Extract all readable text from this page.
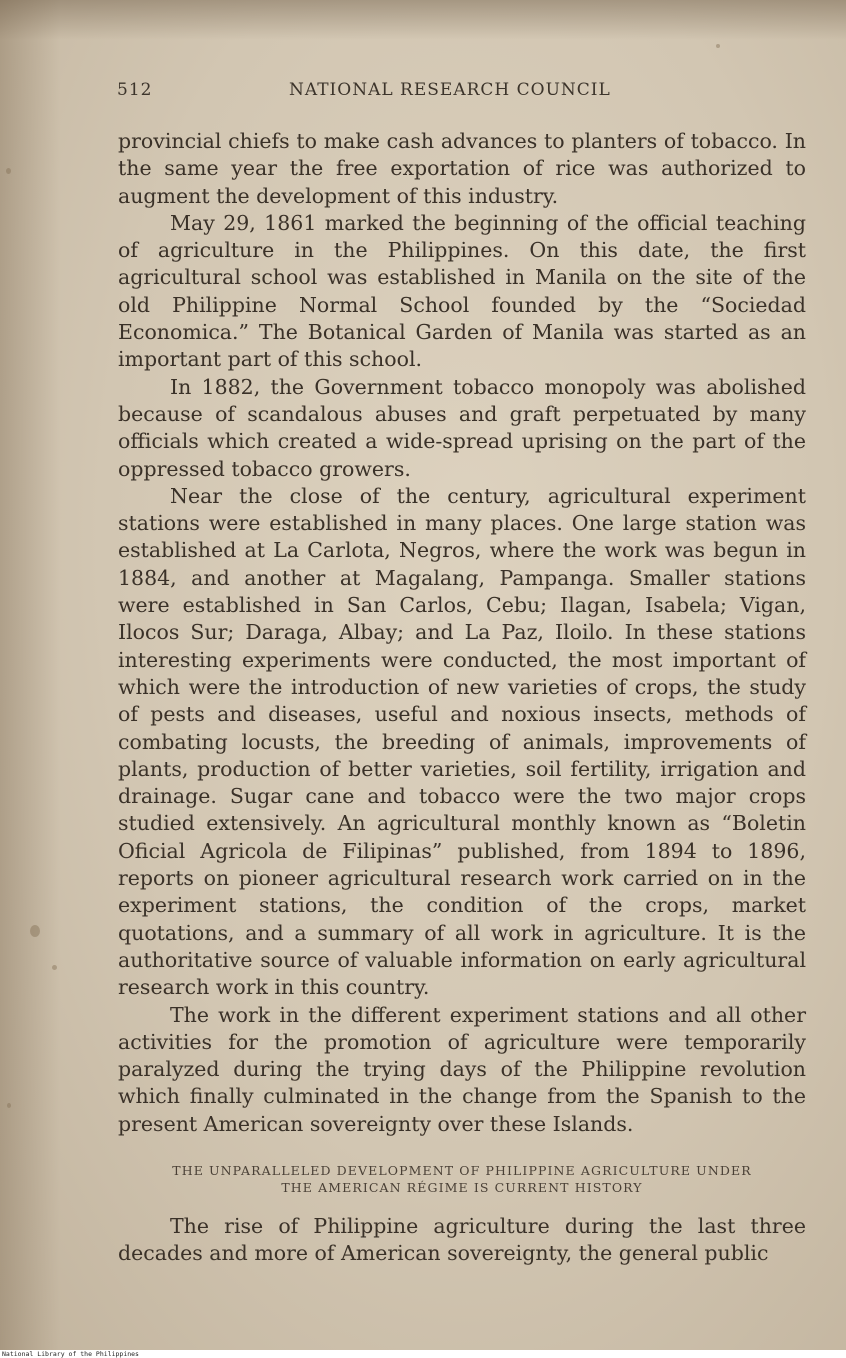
512	NATIONAL RESEARCH COUNCIL

provincial chiefs to make cash advances to planters of tobacco. In the same year the free exportation of rice was authorized to augment the development of this industry.

May 29, 1861 marked the beginning of the official teaching of agriculture in the Philippines. On this date, the first agricultural school was established in Manila on the site of the old Philippine Normal School founded by the “Sociedad Economica.” The Botanical Garden of Manila was started as an important part of this school.

In 1882, the Government tobacco monopoly was abolished because of scandalous abuses and graft perpetuated by many officials which created a wide-spread uprising on the part of the oppressed tobacco growers.

Near the close of the century, agricultural experiment stations were established in many places. One large station was established at La Carlota, Negros, where the work was begun in 1884, and another at Magalang, Pampanga. Smaller stations were established in San Carlos, Cebu; Ilagan, Isabela; Vigan, Ilocos Sur; Daraga, Albay; and La Paz, Iloilo. In these stations interesting experiments were conducted, the most important of which were the introduction of new varieties of crops, the study of pests and diseases, useful and noxious insects, methods of combating locusts, the breeding of animals, improvements of plants, production of better varieties, soil fertility, irrigation and drainage. Sugar cane and tobacco were the two major crops studied extensively. An agricultural monthly known as “Boletin Oficial Agricola de Filipinas” published, from 1894 to 1896, reports on pioneer agricultural research work carried on in the experiment stations, the condition of the crops, market quotations, and a summary of all work in agriculture. It is the authoritative source of valuable information on early agricultural research work in this country.

The work in the different experiment stations and all other activities for the promotion of agriculture were temporarily paralyzed during the trying days of the Philippine revolution which finally culminated in the change from the Spanish to the present American sovereignty over these Islands.

THE UNPARALLELED DEVELOPMENT OF PHILIPPINE AGRICULTURE UNDER
THE AMERICAN RÉGIME IS CURRENT HISTORY

The rise of Philippine agriculture during the last three decades and more of American sovereignty, the general public

National Library of the Philippines
